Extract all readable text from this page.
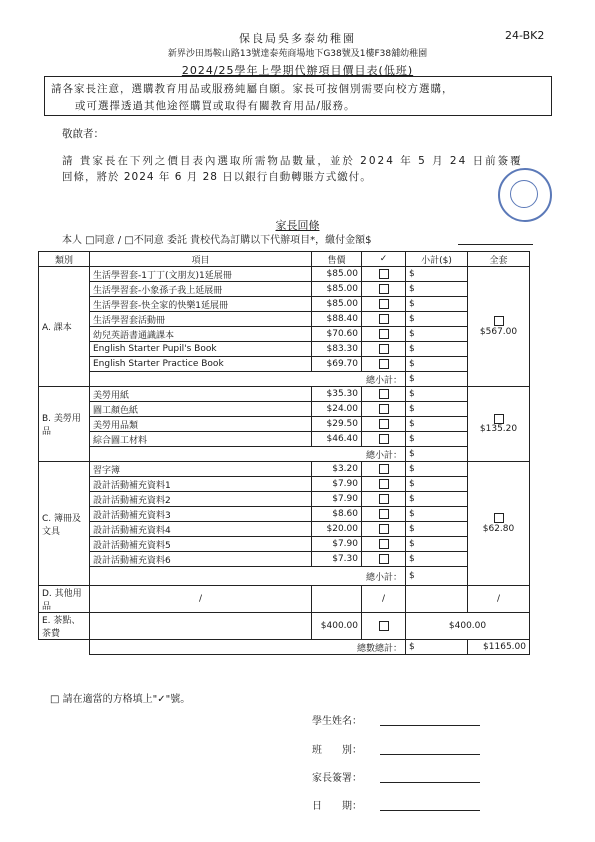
保良局吳多泰幼稚園	24-BK2
新界沙田馬鞍山路13號達泰苑商場地下G38號及1樓F38舖幼稚園
2024/25學年上學期代辦項目價目表(低班)
請各家長注意，選購教育用品或服務純屬自願。家長可按個別需要向校方選購，
或可選擇透過其他途徑購買或取得有關教育用品/服務。
敬啟者：
請 貴家長在下列之價目表內選取所需物品數量，並於 2024 年 5 月 24 日前簽覆
回條，將於 2024 年 6 月 28 日以銀行自動轉賬方式繳付。
家長回條
本人 □同意 / □不同意 委託 貴校代為訂購以下代辦項目*，繳付金額$
類別	項目	售價	✓	小計($)	全套
A. 課本	生活學習套-1丁丁(文朋友)1延展冊	$85.00		$	$567.00
	生活學習套-小象孫子我上延展冊	$85.00		$	
	生活學習套-快全家的快樂1延展冊	$85.00		$	
	生活學習套活動冊	$88.40		$	
	幼兒英語書通識課本	$70.60		$	
	English Starter Pupil's Book	$83.30		$	
	English Starter Practice Book	$69.70		$	
	總小計：			$	
B. 美勞用品	美勞用紙	$35.30		$	$135.20
	圖工顏色紙	$24.00		$	
	美勞用品類	$29.50		$	
	綜合圖工材料	$46.40		$	
	總小計：			$	
C. 簿冊及文具	習字簿	$3.20		$	$62.80
	設計活動補充資料1	$7.90		$	
	設計活動補充資料2	$7.90		$	
	設計活動補充資料3	$8.60		$	
	設計活動補充資料4	$20.00		$	
	設計活動補充資料5	$7.90		$	
	設計活動補充資料6	$7.30		$	
	總小計：			$	
D. 其他用品	/		/		/
E. 茶點、茶費		$400.00		$400.00	
	總數總計：			$	$1165.00
□ 請在適當的方格填上"✓"號。
學生姓名：
班　　別：
家長簽署：
日　　期：
